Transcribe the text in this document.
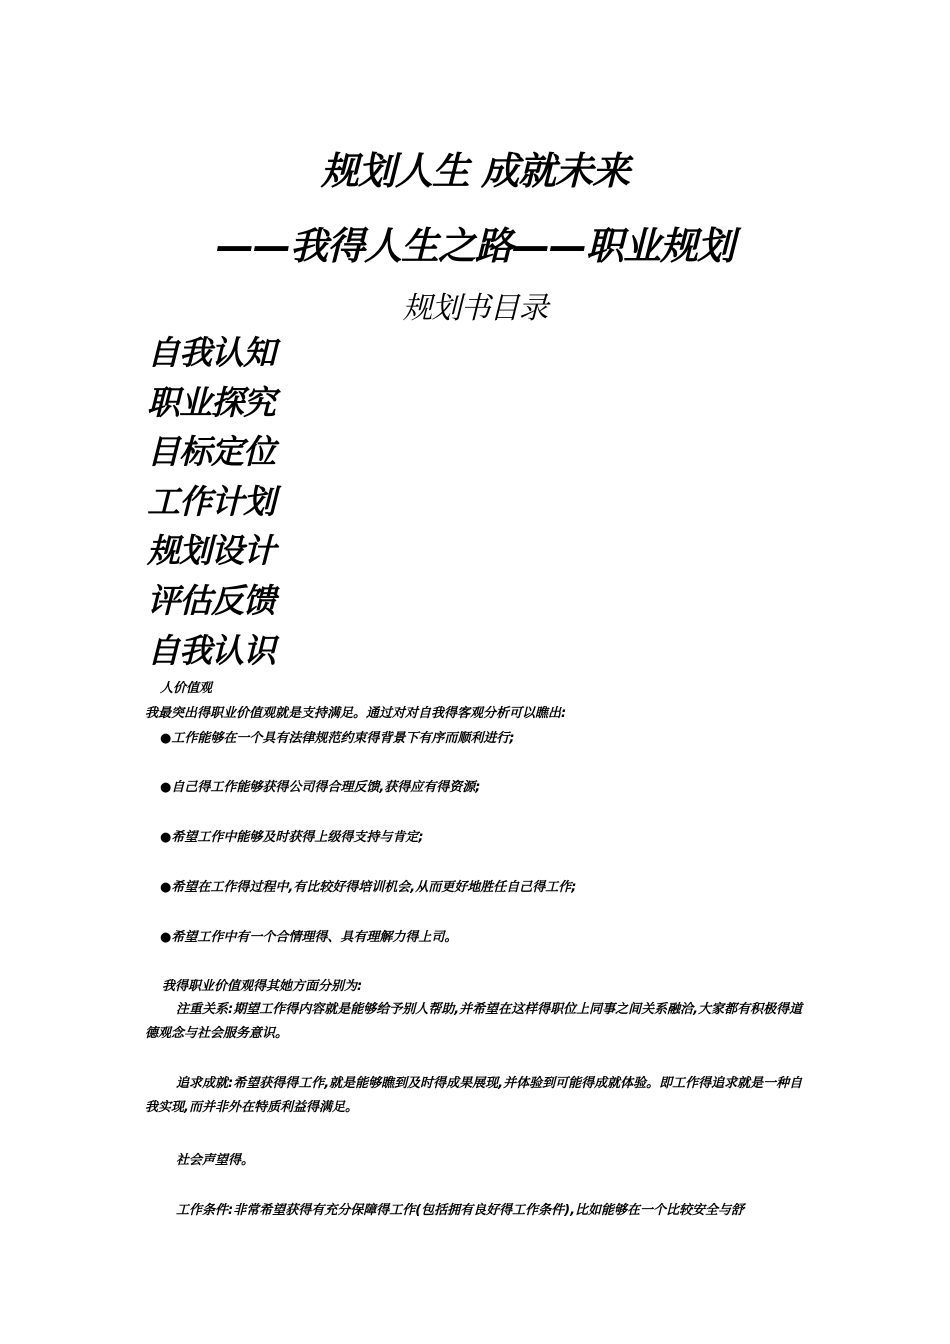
规划人生 成就未来
——我得人生之路——职业规划
规划书目录
自我认知
职业探究
目标定位
工作计划
规划设计
评估反馈
自我认识
人价值观
我最突出得职业价值观就是支持满足。通过对对自我得客观分析可以瞧出:
●工作能够在一个具有法律规范约束得背景下有序而顺利进行;
●自己得工作能够获得公司得合理反馈,获得应有得资源;
●希望工作中能够及时获得上级得支持与肯定;
●希望在工作得过程中,有比较好得培训机会,从而更好地胜任自己得工作;
●希望工作中有一个合情理得、具有理解力得上司。
我得职业价值观得其她方面分别为:
注重关系:期望工作得内容就是能够给予别人帮助,并希望在这样得职位上同事之间关系融洽,大家都有积极得道德观念与社会服务意识。
追求成就:希望获得得工作,就是能够瞧到及时得成果展现,并体验到可能得成就体验。即工作得追求就是一种自我实现,而并非外在特质利益得满足。
社会声望得。
工作条件:非常希望获得有充分保障得工作(包括拥有良好得工作条件),比如能够在一个比较安全与舒
